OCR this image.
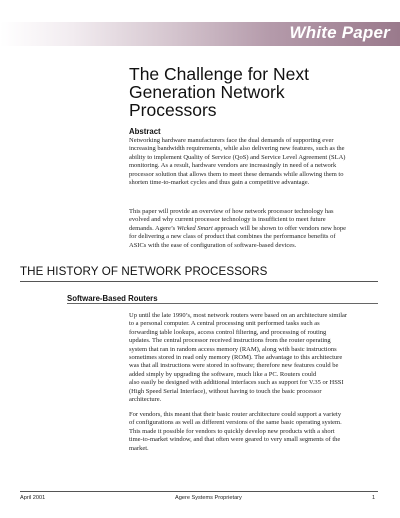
White Paper
The Challenge for Next
Generation Network
Processors
Abstract
Networking hardware manufacturers face the dual demands of supporting ever
increasing bandwidth requirements, while also delivering new features, such as the
ability to implement Quality of Service (QoS) and Service Level Agreement (SLA)
monitoring. As a result, hardware vendors are increasingly in need of a network
processor solution that allows them to meet these demands while allowing them to
shorten time-to-market cycles and thus gain a competitive advantage.
This paper will provide an overview of how network processor technology has
evolved and why current processor technology is insufficient to meet future
demands. Agere’s Wicked Smart approach will be shown to offer vendors new hope
for delivering a new class of product that combines the performance benefits of
ASICs with the ease of configuration of software-based devices.
THE HISTORY OF NETWORK PROCESSORS
Software-Based Routers
Up until the late 1990’s, most network routers were based on an architecture similar
to a personal computer. A central processing unit performed tasks such as
forwarding table lookups, access control filtering, and processing of routing
updates. The central processor received instructions from the router operating
system that ran in random access memory (RAM), along with basic instructions
sometimes stored in read only memory (ROM). The advantage to this architecture
was that all instructions were stored in software; therefore new features could be
added simply by upgrading the software, much like a PC. Routers could
also easily be designed with additional interfaces such as support for V.35 or HSSI
(High Speed Serial Interface), without having to touch the basic processor
architecture.
For vendors, this meant that their basic router architecture could support a variety
of configurations as well as different versions of the same basic operating system.
This made it possible for vendors to quickly develop new products with a short
time-to-market window, and that often were geared to very small segments of the
market.
April 2001	Agere Systems Proprietary	1
